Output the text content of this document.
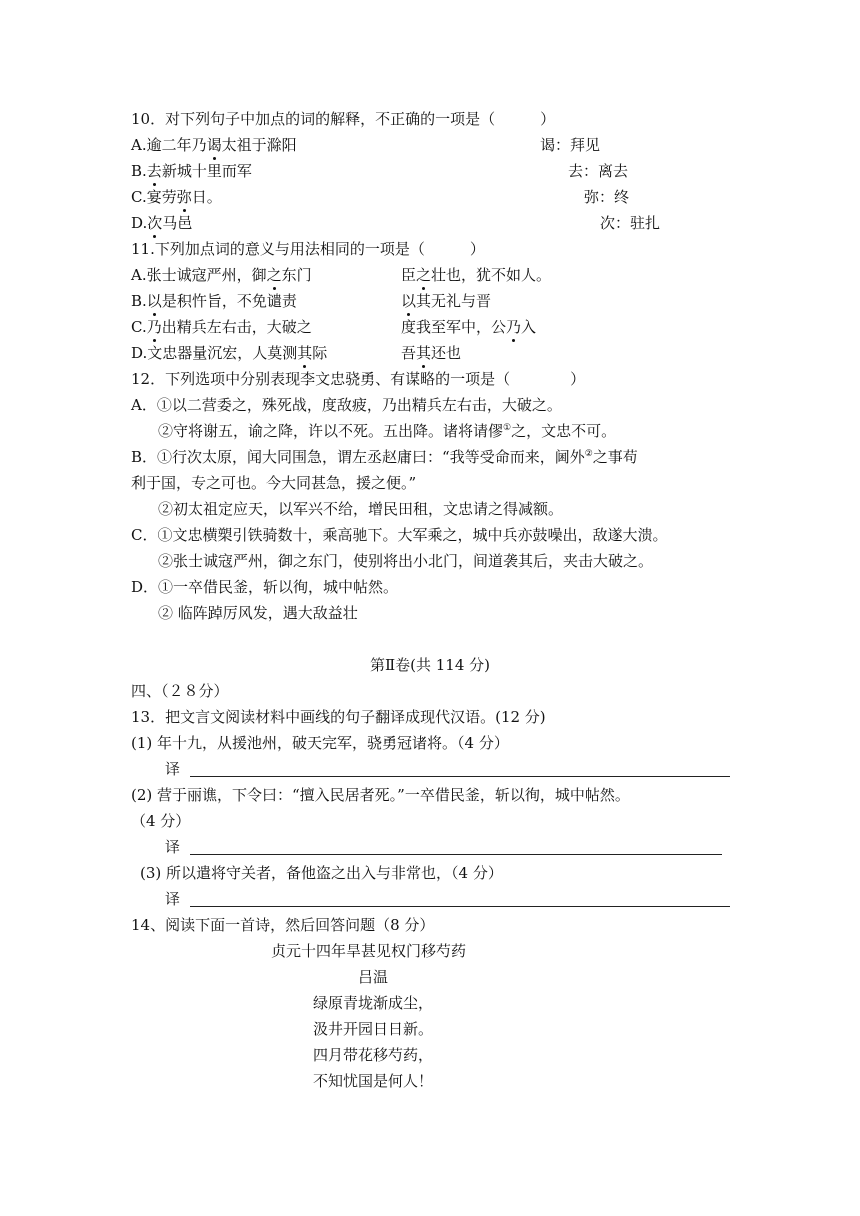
10．对下列句子中加点的词的解释，不正确的一项是（　　　）
A.逾二年乃谒太祖于滁阳	谒：拜见
B.去新城十里而军	去：离去
C.宴劳弥日。	弥：终
D.次马邑	次：驻扎
11.下列加点词的意义与用法相同的一项是（　　　）
A.张士诚寇严州，御之东门	臣之壮也，犹不如人。
B.以是积忤旨，不免谴责	以其无礼与晋
C.乃出精兵左右击，大破之	度我至军中，公乃入
D.文忠器量沉宏，人莫测其际	吾其还也
12．下列选项中分别表现李文忠骁勇、有谋略的一项是（　　　　）
A．①以二营委之，殊死战，度敌疲，乃出精兵左右击，大破之。
②守将谢五，谕之降，许以不死。五出降。诸将请僇①之，文忠不可。
B．①行次太原，闻大同围急，谓左丞赵庸曰：“我等受命而来，阃外②之事苟
利于国，专之可也。今大同甚急，援之便。”
②初太祖定应天，以军兴不给，增民田租，文忠请之得减额。
C．①文忠横槊引铁骑数十，乘高驰下。大军乘之，城中兵亦鼓噪出，敌遂大溃。
②张士诚寇严州，御之东门，使别将出小北门，间道袭其后，夹击大破之。
D．①一卒借民釜，斩以徇，城中帖然。
② 临阵踔厉风发，遇大敌益壮
第Ⅱ卷(共 114 分)
四、（２８分）
13．把文言文阅读材料中画线的句子翻译成现代汉语。(12 分)
(1) 年十九，从援池州，破天完军，骁勇冠诸将。（4 分）
译
(2) 营于丽谯，下令曰：“擅入民居者死。”一卒借民釜，斩以徇，城中帖然。
（4 分）
译
(3) 所以遣将守关者，备他盗之出入与非常也，（4 分）
译
14、阅读下面一首诗，然后回答问题（8 分）
贞元十四年旱甚见权门移芍药
吕温
绿原青垅渐成尘，
汲井开园日日新。
四月带花移芍药，
不知忧国是何人！
